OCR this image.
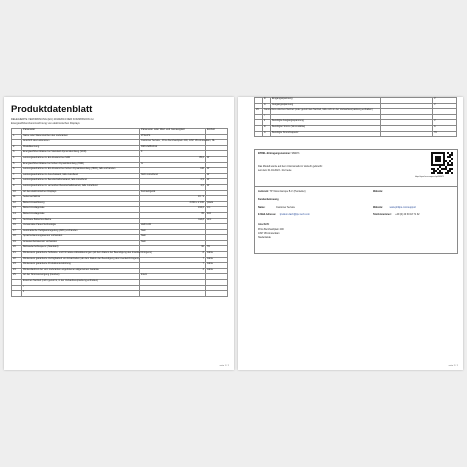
Produktdatenblatt
DELEGIERTE VERORDNUNG (EU) 2019/2013 DER KOMMISSION zur
Energieeffizienzkennzeichnung von elektronischen Displays
	Parameter	Parameter oder Wert und Genauigkeit	Einheit
1.	Name oder Warenzeichen des Lieferanten	PHILIPS	
	Anschrift des Lieferanten	Customer Service , Prins Bernhardplein 200, 1097 JB Amsterdam, NL	
2.	Modellkennung	65PUS8503/12	
3.	Energieeffizienzklasse bei Standard-Dynamikumfang (SDR)	F	
4.	Leistungsaufnahme im Ein-Zustand bei SDR	85,0	W
5.	Energieeffizienzklasse bei hohem Dynamikumfang (HDR)	G	
6.	Leistungsaufnahme im Ein-Zustand bei hohem Dynamikumfang (HDR), falls vorhanden	116	W
7.	Leistungsaufnahme im Aus-Zustand, falls zutreffend	Nicht zutreffend	W
8.	Leistungsaufnahme im Bereitschaftszustand, falls zutreffend	0,5	W
9.	Leistungsaufnahme im vernetzten Bereitschaftsbetrieb, falls zutreffend	2,0	W
10.	Art des elektronischen Displays	Fernsehgerät	
11.	Seitenverhältnis	16 : 9	
12.	Bildschirmauflösung	3 840 x 2 160	pixels
13.	Bildschirmdiagonale	164,0	cm
14.	Bildschirmdiagonale	65	Zoll
15.	Sichtbare Bildschirmfläche	114,8	dm²
16.	Verwendete Panel-Technologie	LED LCD	
17.	Automatische Helligkeitsregelung (ABC) vorhanden	Nein	
18.	Spracherkennungssensor vorhanden	Nein	
19.	Anwesenheitssensor vorhanden	Nein	
20.	Bildwiederholfrequenz (Standard)	90	Hz
21.	Mindestens garantierte Software- und Firmware-Aktualisierungen (ab dem Datum der Beendigung des Inverkehrbringens)	8	Jahre
22.	Mindestens garantierte Verfügbarkeit von Ersatzteilen (ab dem Datum der Beendigung des Inverkehrbringens)	7	Jahre
23.	Mindestens garantierte Produktunterstützung	7	Jahre
24.	Mindestlaufzeit der vom Lieferanten angebotenen allgemeinen Garantie	3	Jahre
25.	Art der Stromversorgung (Netzteil)	Intern	
	Externes Netzteil (nicht genormt, in der Verkaufsverpackung enthalten)		
	i		
	ii		
seite 1 / 2
	iii	Eingangsspannung		V
	iv	Ausgangsspannung		V
26.	Genormtes externes Netzteil (oder genormtes Netzteil, falls nicht in der Verkaufsverpackung enthalten)			
	i			
	ii	Benötigte Ausgangsspannung		V
	iii	Benötigter Strom (Stromstärke)		A
	iv	Benötigte Stromfrequenz		Hz
EPREL-Eintragungsnummer: 969071
Das Modell wurde auf dem Unionsmarkt in Verkehr gebracht:
seit dem 01.04.2023 - bis heute
https://eprel.ec.europa.eu/qr/969071
Lieferant: TP Vision Europe B.V. (Hersteller)	Website:
Kundenbetreuung
Name:	Customer Service	Website:	www.philips.com/support
E-Mail-Adresse: tpvision.dach@tpv-tech.com	Telefonnummer: +49 (0) 40 30 18 71 32
Anschrift:
Prins Bernhardplein 200
1097 JB Amsterdam
Niederlande
seite 2 / 2
